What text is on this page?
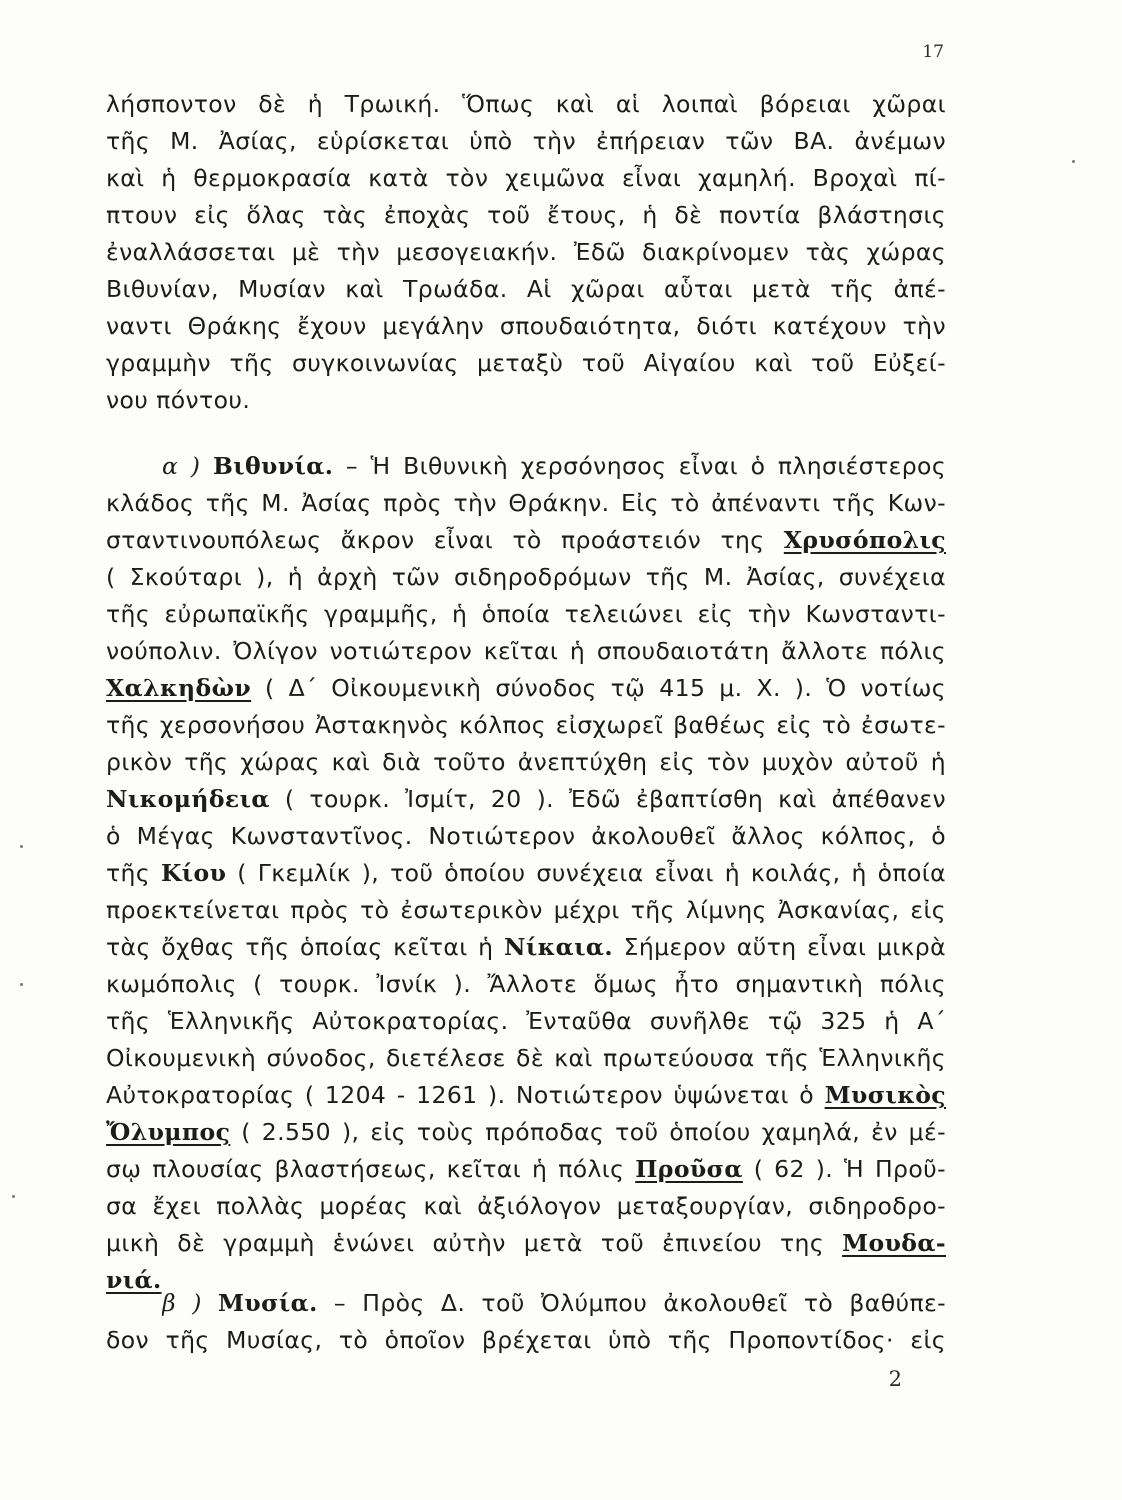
17
λήσποντον δὲ ἡ Τρωική. Ὅπως καὶ αἱ λοιπαὶ βόρειαι χῶραι
τῆς Μ. Ἀσίας, εὑρίσκεται ὑπὸ τὴν ἐπήρειαν τῶν ΒΑ. ἀνέμων
καὶ ἡ θερμοκρασία κατὰ τὸν χειμῶνα εἶναι χαμηλή. Βροχαὶ πί-
πτουν εἰς ὅλας τὰς ἐποχὰς τοῦ ἔτους, ἡ δὲ ποντία βλάστησις
ἐναλλάσσεται μὲ τὴν μεσογειακήν. Ἐδῶ διακρίνομεν τὰς χώρας
Βιθυνίαν, Μυσίαν καὶ Τρωάδα. Αἱ χῶραι αὗται μετὰ τῆς ἀπέ-
ναντι Θράκης ἔχουν μεγάλην σπουδαιότητα, διότι κατέχουν τὴν
γραμμὴν τῆς συγκοινωνίας μεταξὺ τοῦ Αἰγαίου καὶ τοῦ Εὐξεί-
νου πόντου.
α ) Βιθυνία. – Ἡ Βιθυνικὴ χερσόνησος εἶναι ὁ πλησιέστερος
κλάδος τῆς Μ. Ἀσίας πρὸς τὴν Θράκην. Εἰς τὸ ἀπέναντι τῆς Κων-
σταντινουπόλεως ἄκρον εἶναι τὸ προάστειόν της Χρυσόπολις
( Σκούταρι ), ἡ ἀρχὴ τῶν σιδηροδρόμων τῆς Μ. Ἀσίας, συνέχεια
τῆς εὐρωπαϊκῆς γραμμῆς, ἡ ὁποία τελειώνει εἰς τὴν Κωνσταντι-
νούπολιν. Ὀλίγον νοτιώτερον κεῖται ἡ σπουδαιοτάτη ἄλλοτε πόλις
Χαλκηδὼν ( Δ΄ Οἰκουμενικὴ σύνοδος τῷ 415 μ. Χ. ). Ὁ νοτίως
τῆς χερσονήσου Ἀστακηνὸς κόλπος εἰσχωρεῖ βαθέως εἰς τὸ ἐσωτε-
ρικὸν τῆς χώρας καὶ διὰ τοῦτο ἀνεπτύχθη εἰς τὸν μυχὸν αὐτοῦ ἡ
Νικομήδεια ( τουρκ. Ἰσμίτ, 20 ). Ἐδῶ ἐβαπτίσθη καὶ ἀπέθανεν
ὁ Μέγας Κωνσταντῖνος. Νοτιώτερον ἀκολουθεῖ ἄλλος κόλπος, ὁ
τῆς Κίου ( Γκεμλίκ ), τοῦ ὁποίου συνέχεια εἶναι ἡ κοιλάς, ἡ ὁποία
προεκτείνεται πρὸς τὸ ἐσωτερικὸν μέχρι τῆς λίμνης Ἀσκανίας, εἰς
τὰς ὄχθας τῆς ὁποίας κεῖται ἡ Νίκαια. Σήμερον αὕτη εἶναι μικρὰ
κωμόπολις ( τουρκ. Ἰσνίκ ). Ἄλλοτε ὅμως ἦτο σημαντικὴ πόλις
τῆς Ἑλληνικῆς Αὐτοκρατορίας. Ἐνταῦθα συνῆλθε τῷ 325 ἡ Α΄
Οἰκουμενικὴ σύνοδος, διετέλεσε δὲ καὶ πρωτεύουσα τῆς Ἑλληνικῆς
Αὐτοκρατορίας ( 1204 - 1261 ). Νοτιώτερον ὑψώνεται ὁ Μυσικὸς
Ὄλυμπος ( 2.550 ), εἰς τοὺς πρόποδας τοῦ ὁποίου χαμηλά, ἐν μέ-
σῳ πλουσίας βλαστήσεως, κεῖται ἡ πόλις Προῦσα ( 62 ). Ἡ Προῦ-
σα ἔχει πολλὰς μορέας καὶ ἀξιόλογον μεταξουργίαν, σιδηροδρο-
μικὴ δὲ γραμμὴ ἑνώνει αὐτὴν μετὰ τοῦ ἐπινείου της Μουδα-
νιά.
β ) Μυσία. – Πρὸς Δ. τοῦ Ὀλύμπου ἀκολουθεῖ τὸ βαθύπε-
δον τῆς Μυσίας, τὸ ὁποῖον βρέχεται ὑπὸ τῆς Προποντίδος· εἰς
2
